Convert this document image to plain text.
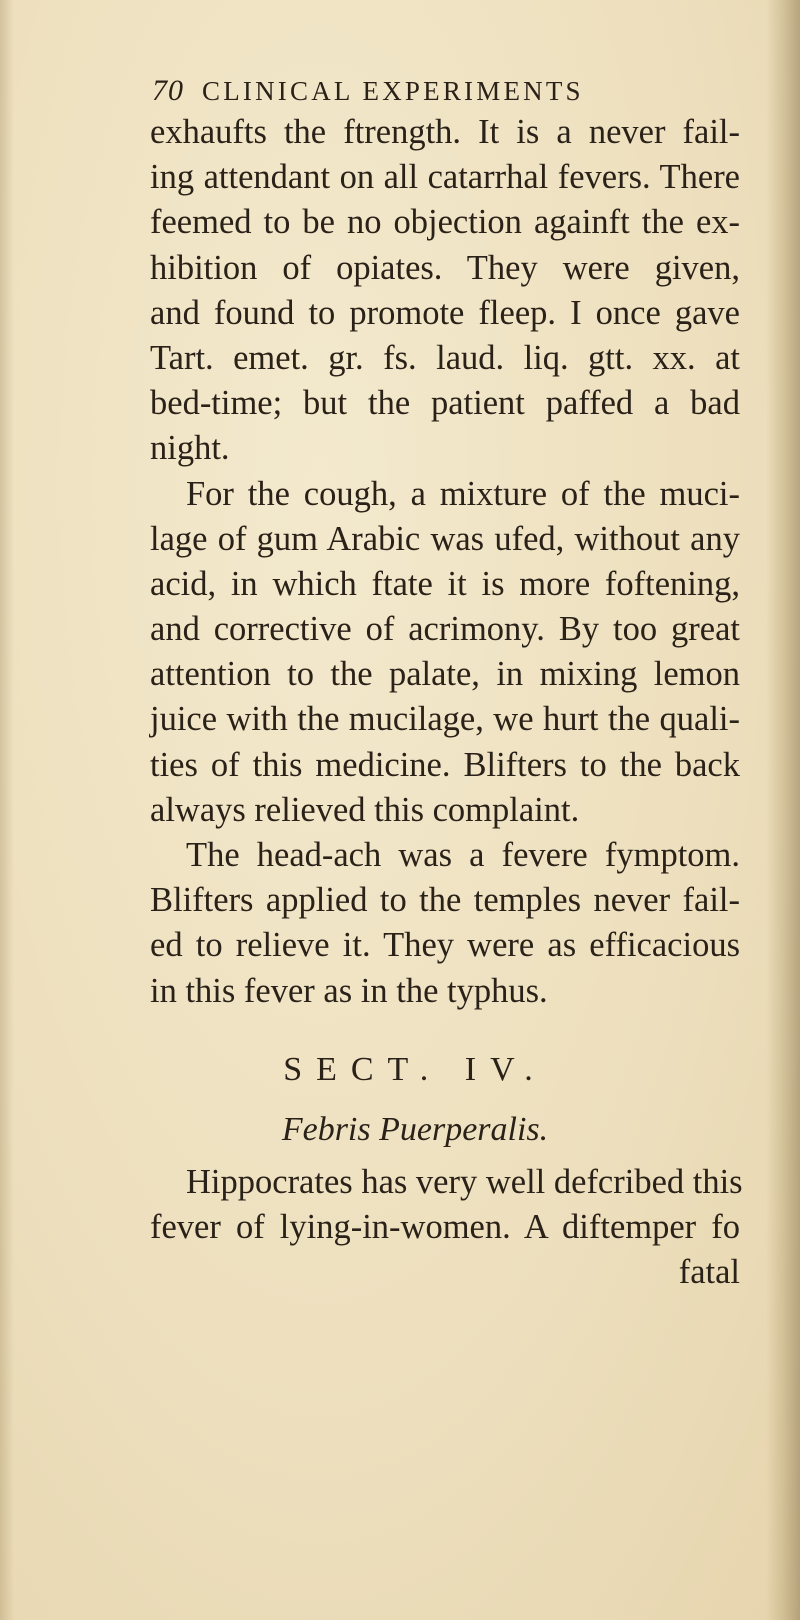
70 CLINICAL EXPERIMENTS
exhaufts the ftrength. It is a never fail-
ing attendant on all catarrhal fevers. There
feemed to be no objection againft the ex-
hibition of opiates. They were given,
and found to promote fleep. I once gave
Tart. emet. gr. fs. laud. liq. gtt. xx. at
bed-time; but the patient paffed a bad
night.
For the cough, a mixture of the muci-
lage of gum Arabic was ufed, without any
acid, in which ftate it is more foftening,
and corrective of acrimony. By too great
attention to the palate, in mixing lemon
juice with the mucilage, we hurt the quali-
ties of this medicine. Blifters to the back
always relieved this complaint.
The head-ach was a fevere fymptom.
Blifters applied to the temples never fail-
ed to relieve it. They were as efficacious
in this fever as in the typhus.
SECT. IV.
Febris Puerperalis.
Hippocrates has very well defcribed this
fever of lying-in-women. A diftemper fo
fatal
